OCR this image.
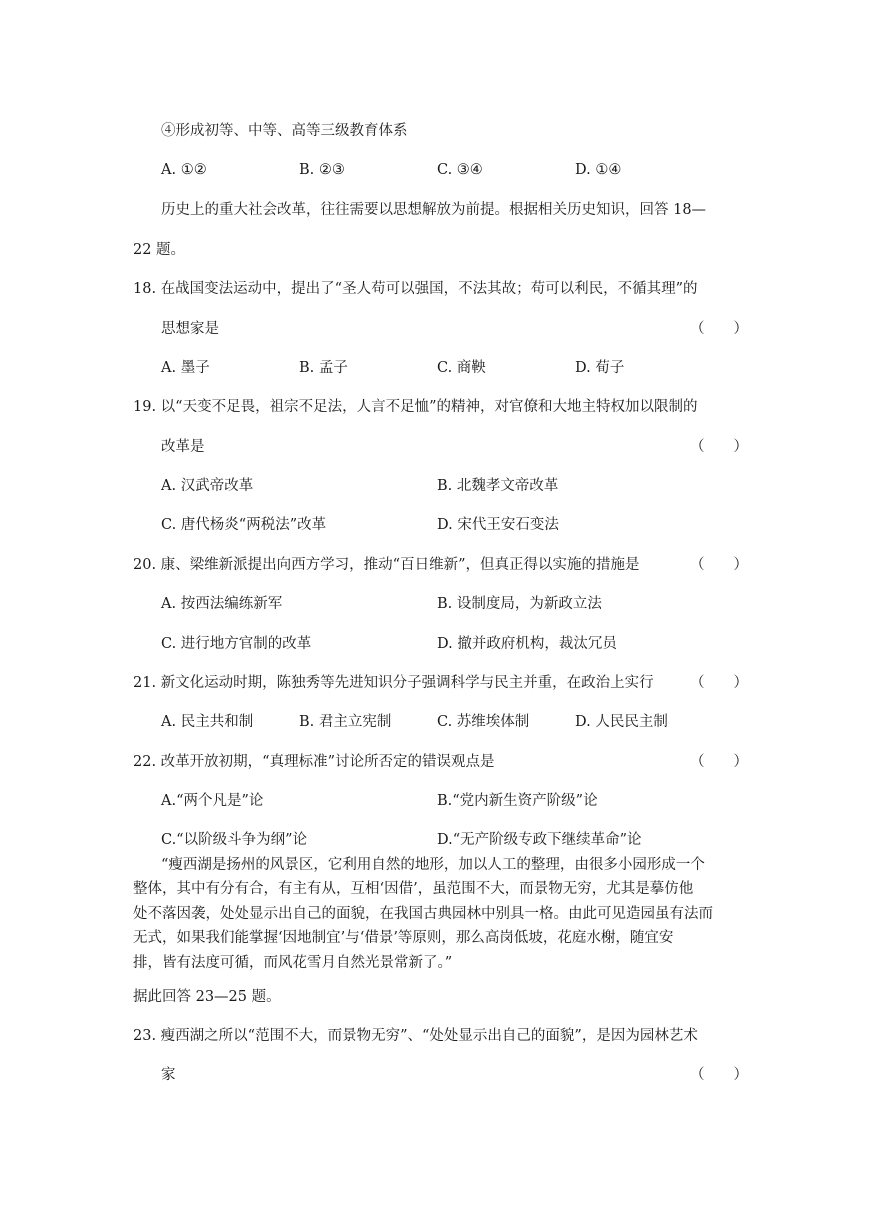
④形成初等、中等、高等三级教育体系
A. ①②	B. ②③	C. ③④	D. ①④
历史上的重大社会改革，往往需要以思想解放为前提。根据相关历史知识，回答 18—
22 题。
18. 在战国变法运动中，提出了“圣人苟可以强国，不法其故；苟可以利民，不循其理”的
思想家是	（　　）
A. 墨子	B. 孟子	C. 商鞅	D. 荀子
19. 以“天变不足畏，祖宗不足法，人言不足恤”的精神，对官僚和大地主特权加以限制的
改革是	（　　）
A. 汉武帝改革	B. 北魏孝文帝改革
C. 唐代杨炎“两税法”改革	D. 宋代王安石变法
20. 康、梁维新派提出向西方学习，推动“百日维新”，但真正得以实施的措施是	（　　）
A. 按西法编练新军	B. 设制度局，为新政立法
C. 进行地方官制的改革	D. 撤并政府机构，裁汰冗员
21. 新文化运动时期，陈独秀等先进知识分子强调科学与民主并重，在政治上实行	（　　）
A. 民主共和制	B. 君主立宪制	C. 苏维埃体制	D. 人民民主制
22. 改革开放初期，“真理标准”讨论所否定的错误观点是	（　　）
A.“两个凡是”论	B.“党内新生资产阶级”论
C.“以阶级斗争为纲”论	D.“无产阶级专政下继续革命”论
“瘦西湖是扬州的风景区，它利用自然的地形，加以人工的整理，由很多小园形成一个
整体，其中有分有合，有主有从，互相‘因借’，虽范围不大，而景物无穷，尤其是摹仿他
处不落因袭，处处显示出自己的面貌，在我国古典园林中别具一格。由此可见造园虽有法而
无式，如果我们能掌握‘因地制宜’与‘借景’等原则，那么高岗低坡，花庭水榭，随宜安
排，皆有法度可循，而风花雪月自然光景常新了。”
据此回答 23—25 题。
23. 瘦西湖之所以“范围不大，而景物无穷”、“处处显示出自己的面貌”，是因为园林艺术
家	（　　）
